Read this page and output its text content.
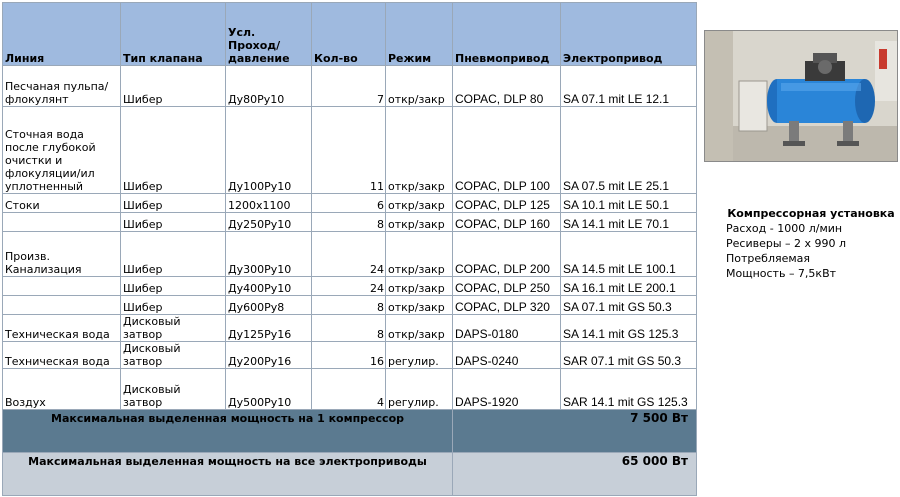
Линия	Тип клапана	Усл. Проход/давление	Кол-во	Режим	Пневмопривод	Электропривод
Песчаная пульпа/флокулянт	Шибер	Ду80Ру10	7	откр/закр	COPAC, DLP 80	SA 07.1 mit LE 12.1
Сточная вода после глубокой очистки и флокуляции/ил уплотненный	Шибер	Ду100Ру10	11	откр/закр	COPAC, DLP 100	SA 07.5 mit LE 25.1
Стоки	Шибер	1200x1100	6	откр/закр	COPAC, DLP 125	SA 10.1 mit LE 50.1
	Шибер	Ду250Ру10	8	откр/закр	COPAC, DLP 160	SA 14.1 mit LE 70.1
Произв. Канализация	Шибер	Ду300Ру10	24	откр/закр	COPAC, DLP 200	SA 14.5 mit LE 100.1
	Шибер	Ду400Ру10	24	откр/закр	COPAC, DLP 250	SA 16.1 mit LE 200.1
	Шибер	Ду600Ру8	8	откр/закр	COPAC, DLP 320	SA 07.1 mit GS 50.3
Техническая вода	Дисковый затвор	Ду125Ру16	8	откр/закр	DAPS-0180	SA 14.1 mit GS 125.3
Техническая вода	Дисковый затвор	Ду200Ру16	16	регулир.	DAPS-0240	SAR 07.1 mit GS 50.3
Воздух	Дисковый затвор	Ду500Ру10	4	регулир.	DAPS-1920	SAR 14.1 mit GS 125.3
Максимальная выделенная мощность на 1 компрессор					7 500 Вт	
Максимальная выделенная мощность на все электроприводы					65 000 Вт	
Компрессорная установка
Расход - 1000 л/мин
Ресиверы – 2 х 990 л
Потребляемая
Мощность – 7,5кВт
